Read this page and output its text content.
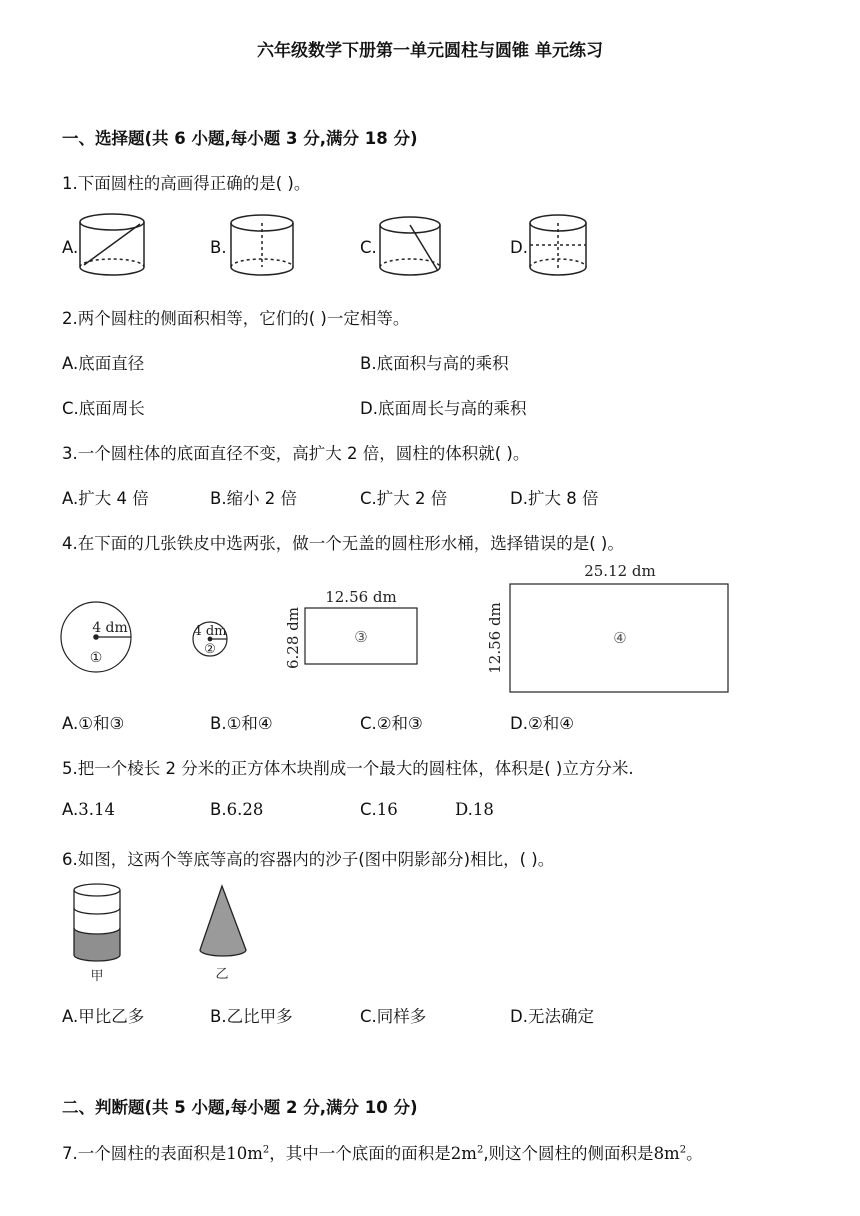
六年级数学下册第一单元圆柱与圆锥 单元练习
一、选择题(共 6 小题,每小题 3 分,满分 18 分)
1.下面圆柱的高画得正确的是( )。
A.	B.	C.	D.
2.两个圆柱的侧面积相等，它们的( )一定相等。
A.底面直径	B.底面积与高的乘积
C.底面周长	D.底面周长与高的乘积
3.一个圆柱体的底面直径不变，高扩大 2 倍，圆柱的体积就( )。
A.扩大 4 倍	B.缩小 2 倍	C.扩大 2 倍	D.扩大 8 倍
4.在下面的几张铁皮中选两张，做一个无盖的圆柱形水桶，选择错误的是( )。
4 dm
①
4 dm
②
12.56 dm
6.28 dm	③
25.12 dm
12.56 dm	④
A.①和③	B.①和④	C.②和③	D.②和④
5.把一个棱长 2 分米的正方体木块削成一个最大的圆柱体，体积是( )立方分米.
A.3.14	B.6.28	C.16	D.18
6.如图，这两个等底等高的容器内的沙子(图中阴影部分)相比，( )。
甲	乙
A.甲比乙多	B.乙比甲多	C.同样多	D.无法确定
二、判断题(共 5 小题,每小题 2 分,满分 10 分)
7.一个圆柱的表面积是$10m^2$，其中一个底面的面积是$2m^2$,则这个圆柱的侧面积是$8m^2$。
